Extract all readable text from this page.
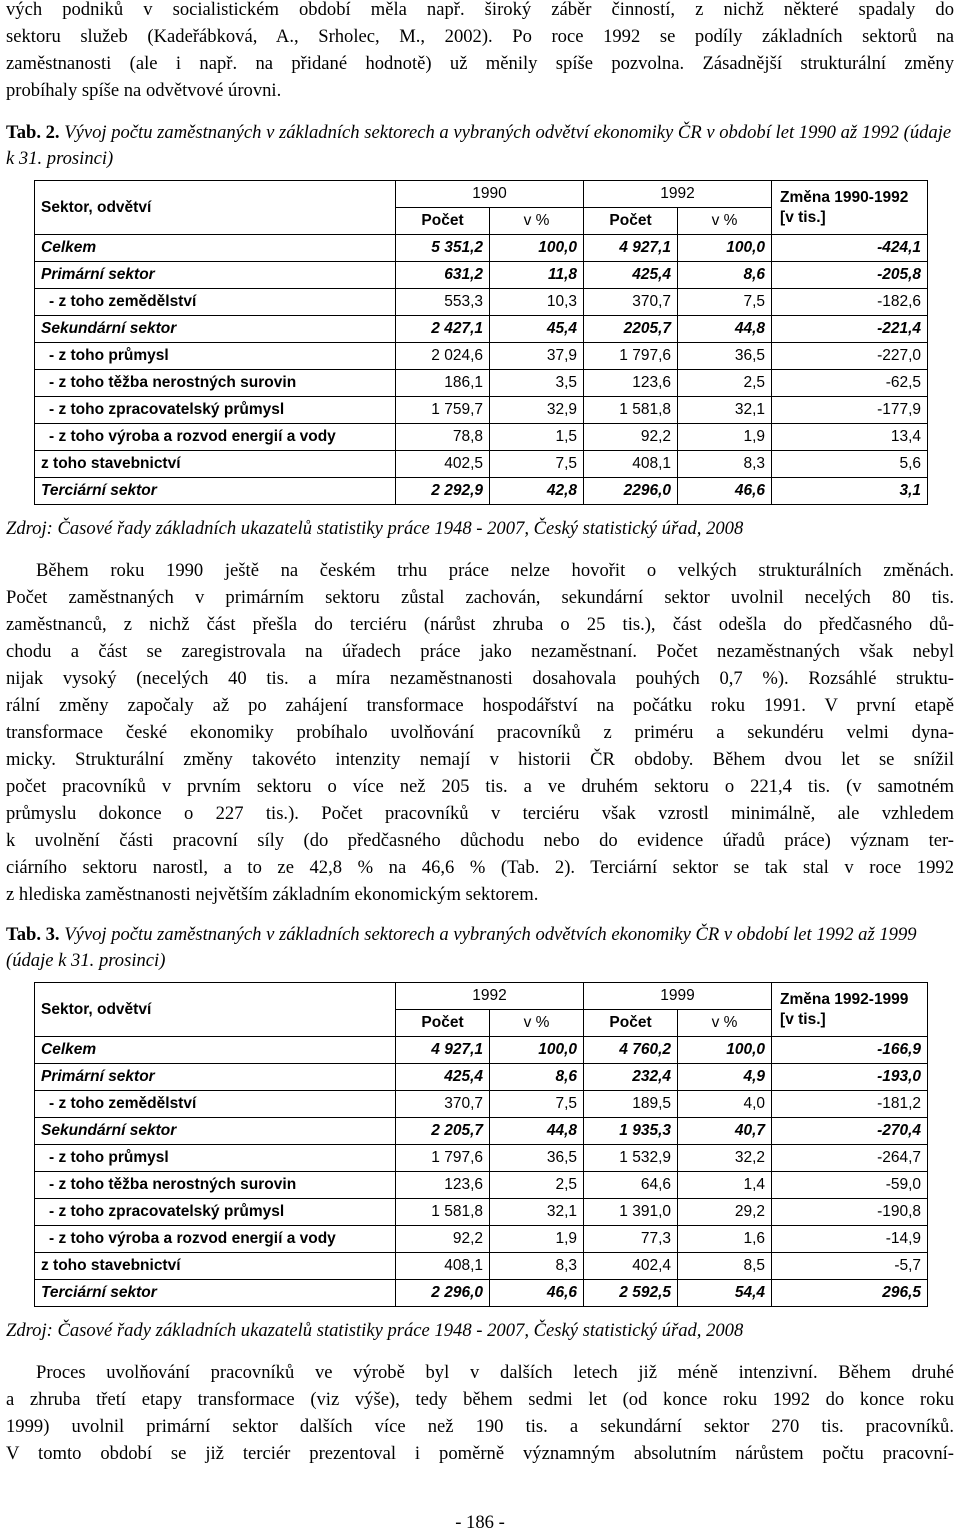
vých podniků v socialistickém období měla např. široký záběr činností, z nichž některé spadaly do
sektoru služeb (Kadeřábková, A., Srholec, M., 2002). Po roce 1992 se podíly základních sektorů na
zaměstnanosti (ale i např. na přidané hodnotě) už měnily spíše pozvolna. Zásadnější strukturální změny
probíhaly spíše na odvětvové úrovni.
Tab. 2. Vývoj počtu zaměstnaných v základních sektorech a vybraných odvětví ekonomiky ČR v období let 1990 až 1992 (údaje k 31. prosinci)
Sektor, odvětví	1990		1992		Změna 1990-1992 [v tis.]
	Počet	v %	Počet	v %	
Celkem	5 351,2	100,0	4 927,1	100,0	-424,1
Primární sektor	631,2	11,8	425,4	8,6	-205,8
- z toho zemědělství	553,3	10,3	370,7	7,5	-182,6
Sekundární sektor	2 427,1	45,4	2205,7	44,8	-221,4
- z toho průmysl	2 024,6	37,9	1 797,6	36,5	-227,0
- z toho těžba nerostných surovin	186,1	3,5	123,6	2,5	-62,5
- z toho zpracovatelský průmysl	1 759,7	32,9	1 581,8	32,1	-177,9
- z toho výroba a rozvod energií a vody	78,8	1,5	92,2	1,9	13,4
z toho stavebnictví	402,5	7,5	408,1	8,3	5,6
Terciární sektor	2 292,9	42,8	2296,0	46,6	3,1
Zdroj: Časové řady základních ukazatelů statistiky práce 1948 - 2007, Český statistický úřad, 2008
Během roku 1990 ještě na českém trhu práce nelze hovořit o velkých strukturálních změnách.
Počet zaměstnaných v primárním sektoru zůstal zachován, sekundární sektor uvolnil necelých 80 tis.
zaměstnanců, z nichž část přešla do terciéru (nárůst zhruba o 25 tis.), část odešla do předčasného dů-
chodu a část se zaregistrovala na úřadech práce jako nezaměstnaní. Počet nezaměstnaných však nebyl
nijak vysoký (necelých 40 tis. a míra nezaměstnanosti dosahovala pouhých 0,7 %). Rozsáhlé struktu-
rální změny započaly až po zahájení transformace hospodářství na počátku roku 1991. V první etapě
transformace české ekonomiky probíhalo uvolňování pracovníků z priméru a sekundéru velmi dyna-
micky. Strukturální změny takovéto intenzity nemají v historii ČR obdoby. Během dvou let se snížil
počet pracovníků v prvním sektoru o více než 205 tis. a ve druhém sektoru o 221,4 tis. (v samotném
průmyslu dokonce o 227 tis.). Počet pracovníků v terciéru však vzrostl minimálně, ale vzhledem
k uvolnění části pracovní síly (do předčasného důchodu nebo do evidence úřadů práce) význam ter-
ciárního sektoru narostl, a to ze 42,8 % na 46,6 % (Tab. 2). Terciární sektor se tak stal v roce 1992
z hlediska zaměstnanosti největším základním ekonomickým sektorem.
Tab. 3. Vývoj počtu zaměstnaných v základních sektorech a vybraných odvětvích ekonomiky ČR v období let 1992 až 1999 (údaje k 31. prosinci)
Sektor, odvětví	1992		1999		Změna 1992-1999 [v tis.]
	Počet	v %	Počet	v %	
Celkem	4 927,1	100,0	4 760,2	100,0	-166,9
Primární sektor	425,4	8,6	232,4	4,9	-193,0
- z toho zemědělství	370,7	7,5	189,5	4,0	-181,2
Sekundární sektor	2 205,7	44,8	1 935,3	40,7	-270,4
- z toho průmysl	1 797,6	36,5	1 532,9	32,2	-264,7
- z toho těžba nerostných surovin	123,6	2,5	64,6	1,4	-59,0
- z toho zpracovatelský průmysl	1 581,8	32,1	1 391,0	29,2	-190,8
- z toho výroba a rozvod energií a vody	92,2	1,9	77,3	1,6	-14,9
z toho stavebnictví	408,1	8,3	402,4	8,5	-5,7
Terciární sektor	2 296,0	46,6	2 592,5	54,4	296,5
Zdroj: Časové řady základních ukazatelů statistiky práce 1948 - 2007, Český statistický úřad, 2008
Proces uvolňování pracovníků ve výrobě byl v dalších letech již méně intenzivní. Během druhé
a zhruba třetí etapy transformace (viz výše), tedy během sedmi let (od konce roku 1992 do konce roku
1999) uvolnil primární sektor dalších více než 190 tis. a sekundární sektor 270 tis. pracovníků.
V tomto období se již terciér prezentoval i poměrně významným absolutním nárůstem počtu pracovní-
- 186 -
